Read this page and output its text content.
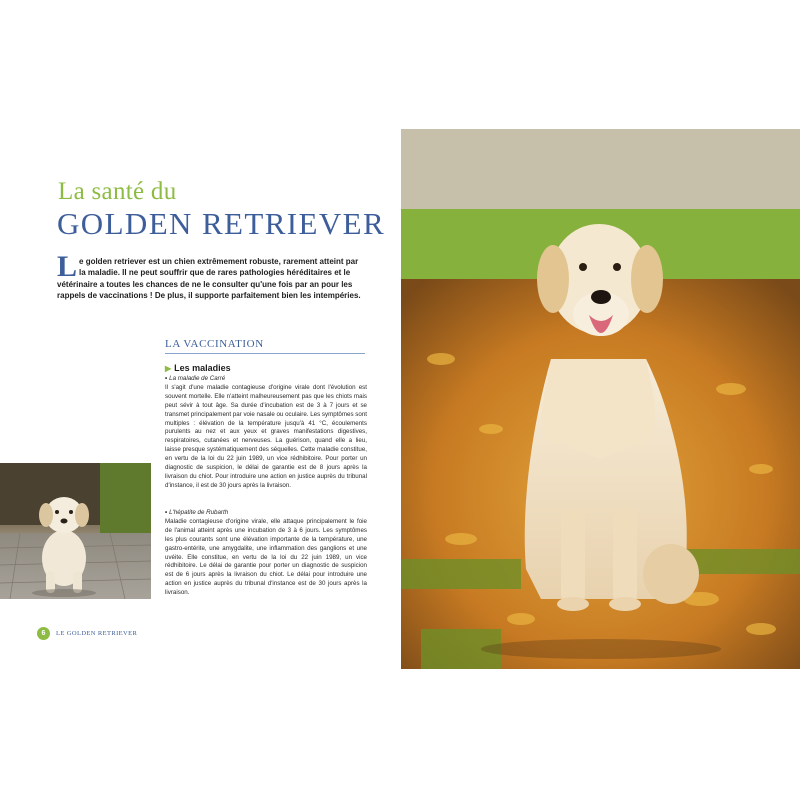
La santé du
GOLDEN RETRIEVER
L e golden retriever est un chien extrêmement robuste, rarement atteint par la maladie. Il ne peut souffrir que de rares pathologies héréditaires et le vétérinaire a toutes les chances de ne le consulter qu'une fois par an pour les rappels de vaccinations ! De plus, il supporte parfaitement bien les intempéries.
LA VACCINATION
▶ Les maladies
• La maladie de Carré

Il s'agit d'une maladie contagieuse d'origine virale dont l'évolution est souvent mortelle. Elle n'atteint malheureusement pas que les chiots mais peut sévir à tout âge. Sa durée d'incubation est de 3 à 7 jours et se transmet principalement par voie nasale ou oculaire. Les symptômes sont multiples : élévation de la température jusqu'à 41 °C, écoulements purulents au nez et aux yeux et graves manifestations digestives, respiratoires, cutanées et nerveuses. La guérison, quand elle a lieu, laisse presque systématiquement des séquelles. Cette maladie constitue, en vertu de la loi du 22 juin 1989, un vice rédhibitoire. Pour porter un diagnostic de suspicion, le délai de garantie est de 8 jours après la livraison du chiot. Pour introduire une action en justice auprès du tribunal d'instance, il est de 30 jours après la livraison.

• L'hépatite de Rubarth

Maladie contagieuse d'origine virale, elle attaque principalement le foie de l'animal atteint après une incubation de 3 à 6 jours. Les symptômes les plus courants sont une élévation importante de la température, une gastro-entérite, une amygdalite, une inflammation des ganglions et une uvéite. Elle constitue, en vertu de la loi du 22 juin 1989, un vice rédhibitoire. Le délai de garantie pour porter un diagnostic de suspicion est de 6 jours après la livraison du chiot. Le délai pour introduire une action en justice auprès du tribunal d'instance est de 30 jours après la livraison.

6	LE GOLDEN RETRIEVER
